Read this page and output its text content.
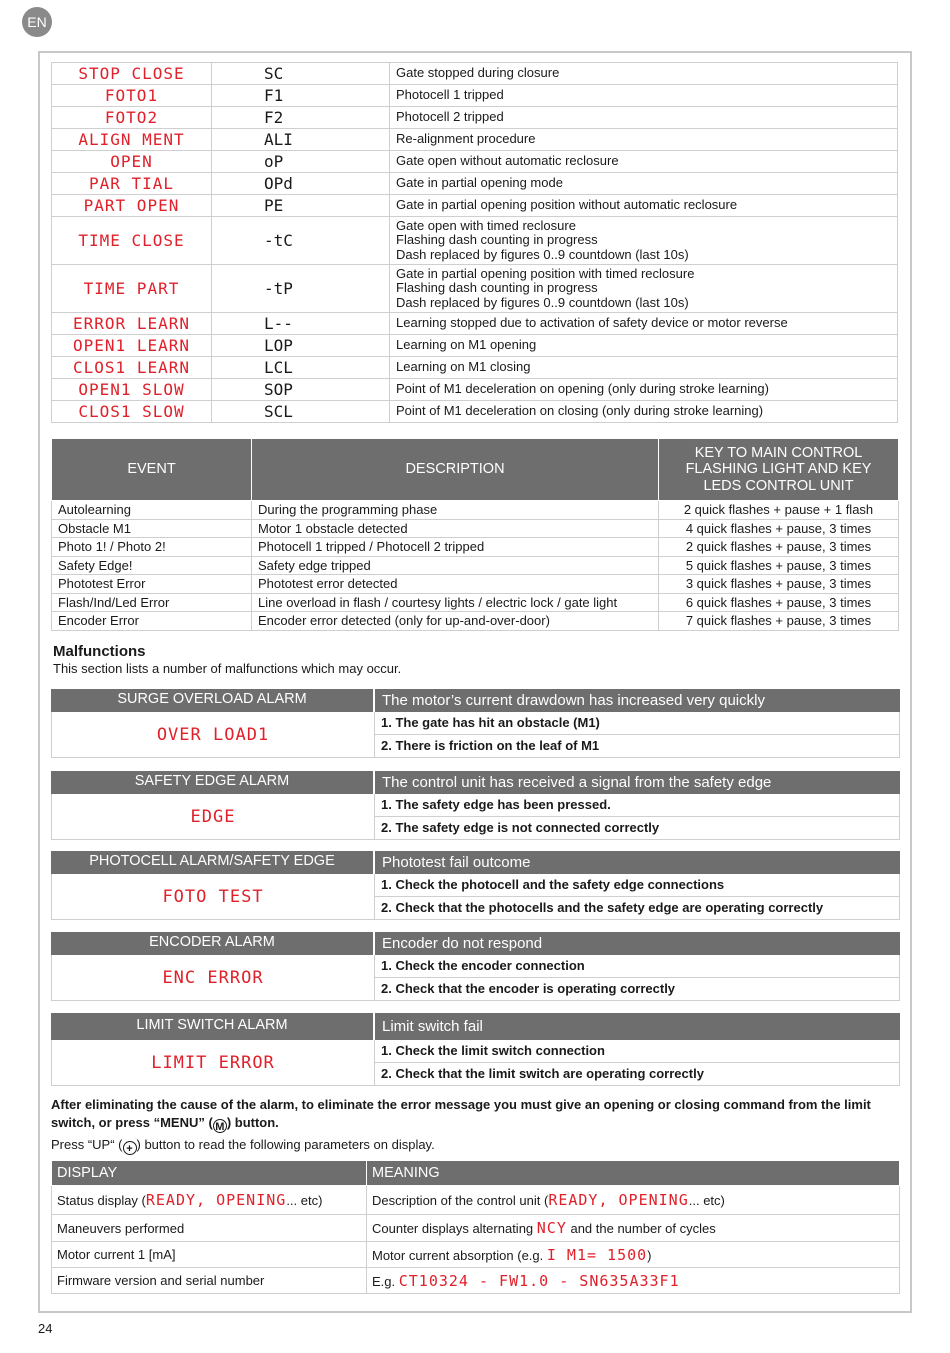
EN
STOP CLOSE	SC	Gate stopped during closure
FOTO1	F1	Photocell 1 tripped
FOTO2	F2	Photocell 2 tripped
ALIGN MENT	ALI	Re-alignment procedure
OPEN	oP	Gate open without automatic reclosure
PAR TIAL	OPd	Gate in partial opening mode
PART OPEN	PE	Gate in partial opening position without automatic reclosure
TIME CLOSE	-tC	Gate open with timed reclosure
Flashing dash counting in progress
Dash replaced by figures 0..9 countdown (last 10s)
TIME PART	-tP	Gate in partial opening position with timed reclosure
Flashing dash counting in progress
Dash replaced by figures 0..9 countdown (last 10s)
ERROR LEARN	L--	Learning stopped due to activation of safety device or motor reverse
OPEN1 LEARN	LOP	Learning on M1 opening
CLOS1 LEARN	LCL	Learning on M1 closing
OPEN1 SLOW	SOP	Point of M1 deceleration on opening (only during stroke learning)
CLOS1 SLOW	SCL	Point of M1 deceleration on closing (only during stroke learning)
EVENT	DESCRIPTION	KEY TO MAIN CONTROL FLASHING LIGHT AND KEY LEDS CONTROL UNIT
Autolearning	During the programming phase	2 quick flashes + pause + 1 flash
Obstacle M1	Motor 1 obstacle detected	4 quick flashes + pause, 3 times
Photo 1! / Photo 2!	Photocell 1 tripped / Photocell 2 tripped	2 quick flashes + pause, 3 times
Safety Edge!	Safety edge tripped	5 quick flashes + pause, 3 times
Phototest Error	Phototest error detected	3 quick flashes + pause, 3 times
Flash/Ind/Led Error	Line overload in flash / courtesy lights / electric lock / gate light	6 quick flashes + pause, 3 times
Encoder Error	Encoder error detected (only for up-and-over-door)	7 quick flashes + pause, 3 times
Malfunctions
This section lists a number of malfunctions which may occur.
SURGE OVERLOAD ALARM	The motor’s current drawdown has increased very quickly
OVER LOAD1
1. The gate has hit an obstacle (M1)
2. There is friction on the leaf of M1
SAFETY EDGE ALARM	The control unit has received a signal from the safety edge
EDGE
1. The safety edge has been pressed.
2. The safety edge is not connected correctly
PHOTOCELL ALARM/SAFETY EDGE	Phototest fail outcome
FOTO TEST
1. Check the photocell and the safety edge connections
2. Check that the photocells and the safety edge are operating correctly
ENCODER ALARM	Encoder do not respond
ENC ERROR
1. Check the encoder connection
2. Check that the encoder is operating correctly
LIMIT SWITCH ALARM	Limit switch fail
LIMIT ERROR
1. Check the limit switch connection
2. Check that the limit switch are operating correctly
After eliminating the cause of the alarm, to eliminate the error message you must give an opening or closing command from the limit switch, or press “MENU” ( M ) button.
Press “UP“ ( + ) button to read the following parameters on display.
DISPLAY	MEANING
Status display (READY, OPENING... etc)	Description of the control unit (READY, OPENING... etc)
Maneuvers performed	Counter displays alternating NCY and the number of cycles
Motor current 1 [mA]	Motor current absorption (e.g. I M1= 1500)
Firmware version and serial number	E.g. CT10324 - FW1.0 - SN635A33F1
24
